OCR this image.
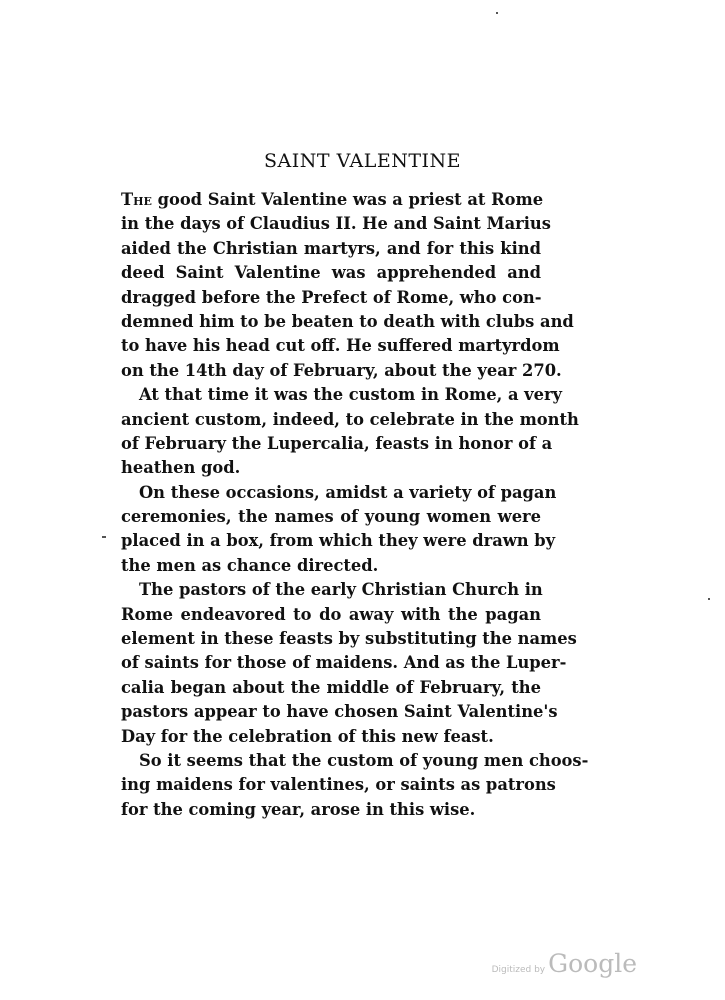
SAINT VALENTINE
The good Saint Valentine was a priest at Rome
in the days of Claudius II. He and Saint Marius
aided the Christian martyrs, and for this kind
deed Saint Valentine was apprehended and
dragged before the Prefect of Rome, who con-
demned him to be beaten to death with clubs and
to have his head cut off. He suffered martyrdom
on the 14th day of February, about the year 270.
At that time it was the custom in Rome, a very
ancient custom, indeed, to celebrate in the month
of February the Lupercalia, feasts in honor of a
heathen god.
On these occasions, amidst a variety of pagan
ceremonies, the names of young women were
placed in a box, from which they were drawn by
the men as chance directed.
The pastors of the early Christian Church in
Rome endeavored to do away with the pagan
element in these feasts by substituting the names
of saints for those of maidens. And as the Luper-
calia began about the middle of February, the
pastors appear to have chosen Saint Valentine's
Day for the celebration of this new feast.
So it seems that the custom of young men choos-
ing maidens for valentines, or saints as patrons
for the coming year, arose in this wise.
Digitized by Google
